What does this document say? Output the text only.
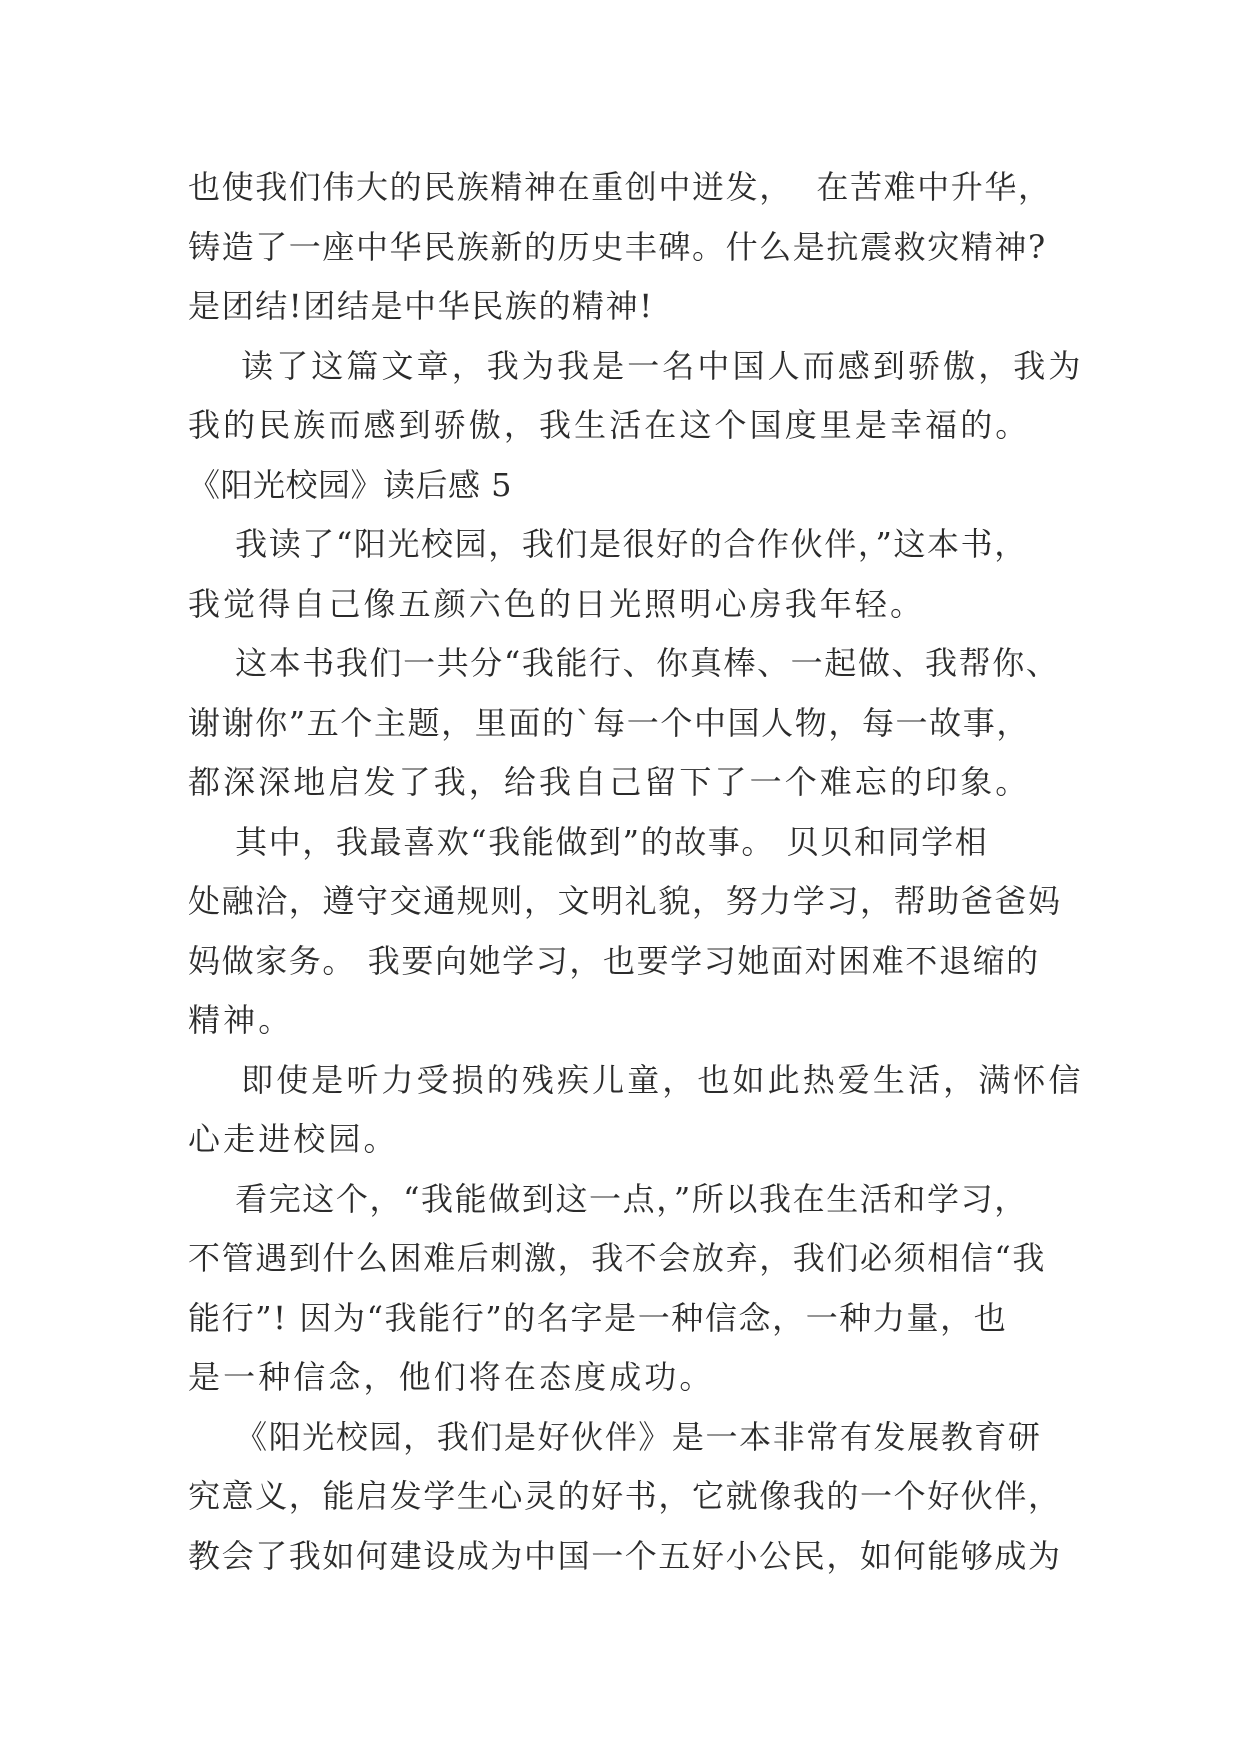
也使我们伟大的民族精神在重创中迸发，  在苦难中升华，
铸造了一座中华民族新的历史丰碑。什么是抗震救灾精神?
是团结!团结是中华民族的精神!
读了这篇文章，我为我是一名中国人而感到骄傲，我为
我的民族而感到骄傲，我生活在这个国度里是幸福的。
《阳光校园》读后感 5
我读了“阳光校园，我们是很好的合作伙伴，”这本书，
我觉得自己像五颜六色的日光照明心房我年轻。
这本书我们一共分“我能行、你真棒、一起做、我帮你、
谢谢你”五个主题，里面的`每一个中国人物，每一故事，
都深深地启发了我，给我自己留下了一个难忘的印象。
其中，我最喜欢“我能做到”的故事。 贝贝和同学相
处融洽，遵守交通规则，文明礼貌，努力学习，帮助爸爸妈
妈做家务。 我要向她学习，也要学习她面对困难不退缩的
精神。
即使是听力受损的残疾儿童，也如此热爱生活，满怀信
心走进校园。
看完这个，“我能做到这一点，”所以我在生活和学习，
不管遇到什么困难后刺激，我不会放弃，我们必须相信“我
能行”! 因为“我能行”的名字是一种信念，一种力量，也
是一种信念，他们将在态度成功。
《阳光校园，我们是好伙伴》是一本非常有发展教育研
究意义，能启发学生心灵的好书，它就像我的一个好伙伴，
教会了我如何建设成为中国一个五好小公民，如何能够成为
